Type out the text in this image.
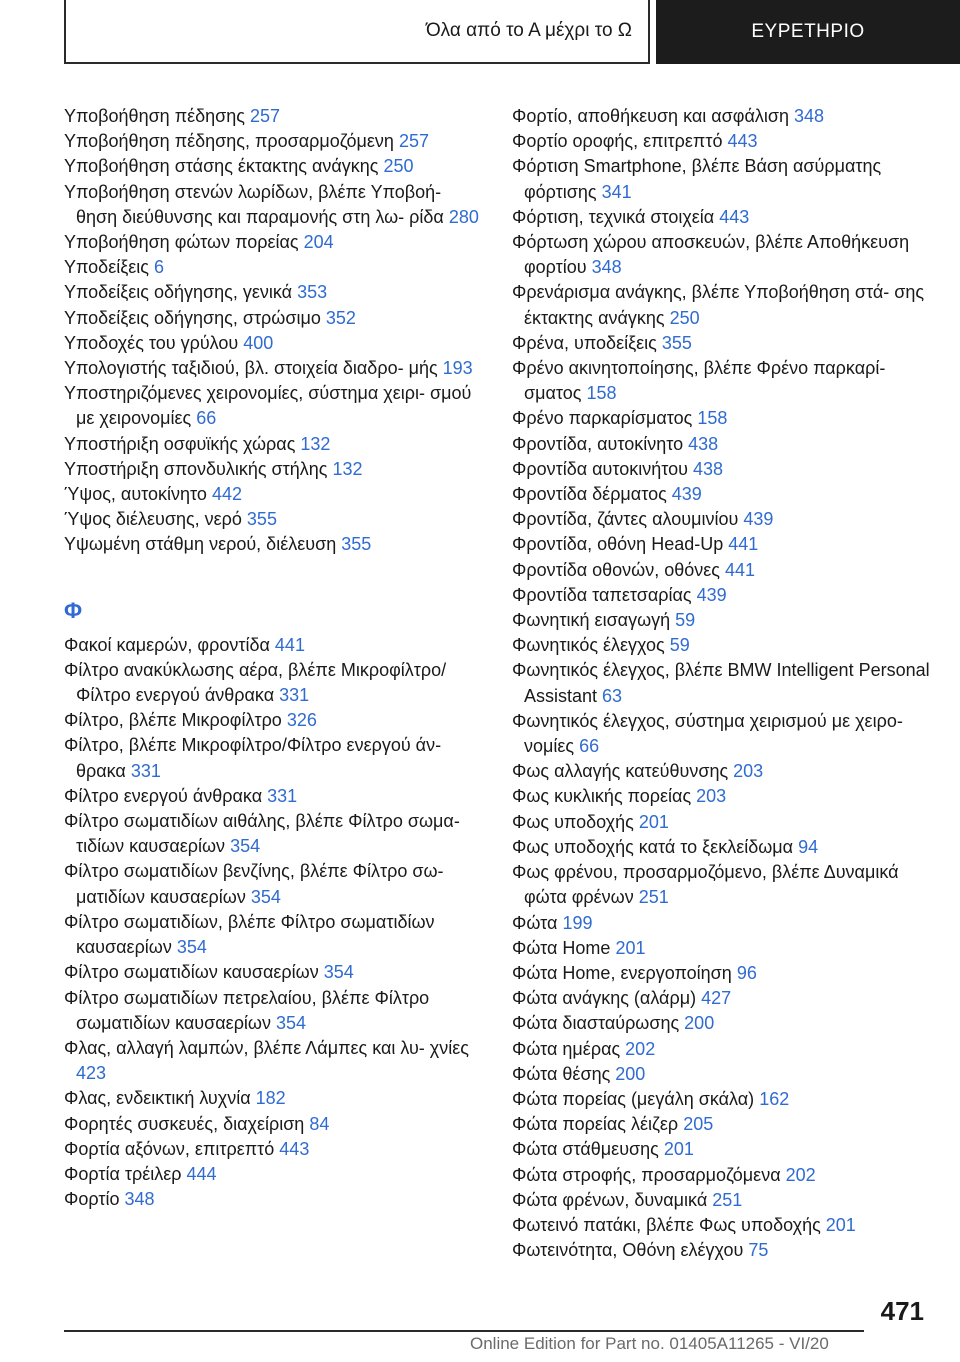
Όλα από το Α μέχρι το Ω	ΕΥΡΕΤΗΡΙΟ
Υποβοήθηση πέδησης 257
Υποβοήθηση πέδησης, προσαρμοζόμενη 257
Υποβοήθηση στάσης έκτακτης ανάγκης 250
Υποβοήθηση στενών λωρίδων, βλέπε Υποβοή- θηση διεύθυνσης και παραμονής στη λω- ρίδα 280
Υποβοήθηση φώτων πορείας 204
Υποδείξεις 6
Υποδείξεις οδήγησης, γενικά 353
Υποδείξεις οδήγησης, στρώσιμο 352
Υποδοχές του γρύλου 400
Υπολογιστής ταξιδιού, βλ. στοιχεία διαδρο- μής 193
Υποστηριζόμενες χειρονομίες, σύστημα χειρι- σμού με χειρονομίες 66
Υποστήριξη οσφυϊκής χώρας 132
Υποστήριξη σπονδυλικής στήλης 132
Ύψος, αυτοκίνητο 442
Ύψος διέλευσης, νερό 355
Υψωμένη στάθμη νερού, διέλευση 355
Φ
Φακοί καμερών, φροντίδα 441
Φίλτρο ανακύκλωσης αέρα, βλέπε Μικροφίλτρο/ Φίλτρο ενεργού άνθρακα 331
Φίλτρο, βλέπε Μικροφίλτρο 326
Φίλτρο, βλέπε Μικροφίλτρο/Φίλτρο ενεργού άν- θρακα 331
Φίλτρο ενεργού άνθρακα 331
Φίλτρο σωματιδίων αιθάλης, βλέπε Φίλτρο σωμα- τιδίων καυσαερίων 354
Φίλτρο σωματιδίων βενζίνης, βλέπε Φίλτρο σω- ματιδίων καυσαερίων 354
Φίλτρο σωματιδίων, βλέπε Φίλτρο σωματιδίων καυσαερίων 354
Φίλτρο σωματιδίων καυσαερίων 354
Φίλτρο σωματιδίων πετρελαίου, βλέπε Φίλτρο σωματιδίων καυσαερίων 354
Φλας, αλλαγή λαμπών, βλέπε Λάμπες και λυ- χνίες 423
Φλας, ενδεικτική λυχνία 182
Φορητές συσκευές, διαχείριση 84
Φορτία αξόνων, επιτρεπτό 443
Φορτία τρέιλερ 444
Φορτίο 348
Φορτίο, αποθήκευση και ασφάλιση 348
Φορτίο οροφής, επιτρεπτό 443
Φόρτιση Smartphone, βλέπε Βάση ασύρματης φόρτισης 341
Φόρτιση, τεχνικά στοιχεία 443
Φόρτωση χώρου αποσκευών, βλέπε Αποθήκευση φορτίου 348
Φρενάρισμα ανάγκης, βλέπε Υποβοήθηση στά- σης έκτακτης ανάγκης 250
Φρένα, υποδείξεις 355
Φρένο ακινητοποίησης, βλέπε Φρένο παρκαρί- σματος 158
Φρένο παρκαρίσματος 158
Φροντίδα, αυτοκίνητο 438
Φροντίδα αυτοκινήτου 438
Φροντίδα δέρματος 439
Φροντίδα, ζάντες αλουμινίου 439
Φροντίδα, οθόνη Head-Up 441
Φροντίδα οθονών, οθόνες 441
Φροντίδα ταπετσαρίας 439
Φωνητική εισαγωγή 59
Φωνητικός έλεγχος 59
Φωνητικός έλεγχος, βλέπε BMW Intelligent Personal Assistant 63
Φωνητικός έλεγχος, σύστημα χειρισμού με χειρο- νομίες 66
Φως αλλαγής κατεύθυνσης 203
Φως κυκλικής πορείας 203
Φως υποδοχής 201
Φως υποδοχής κατά το ξεκλείδωμα 94
Φως φρένου, προσαρμοζόμενο, βλέπε Δυναμικά φώτα φρένων 251
Φώτα 199
Φώτα Home 201
Φώτα Home, ενεργοποίηση 96
Φώτα ανάγκης (αλάρμ) 427
Φώτα διασταύρωσης 200
Φώτα ημέρας 202
Φώτα θέσης 200
Φώτα πορείας (μεγάλη σκάλα) 162
Φώτα πορείας λέιζερ 205
Φώτα στάθμευσης 201
Φώτα στροφής, προσαρμοζόμενα 202
Φώτα φρένων, δυναμικά 251
Φωτεινό πατάκι, βλέπε Φως υποδοχής 201
Φωτεινότητα, Οθόνη ελέγχου 75
471
Online Edition for Part no. 01405A11265 - VI/20
